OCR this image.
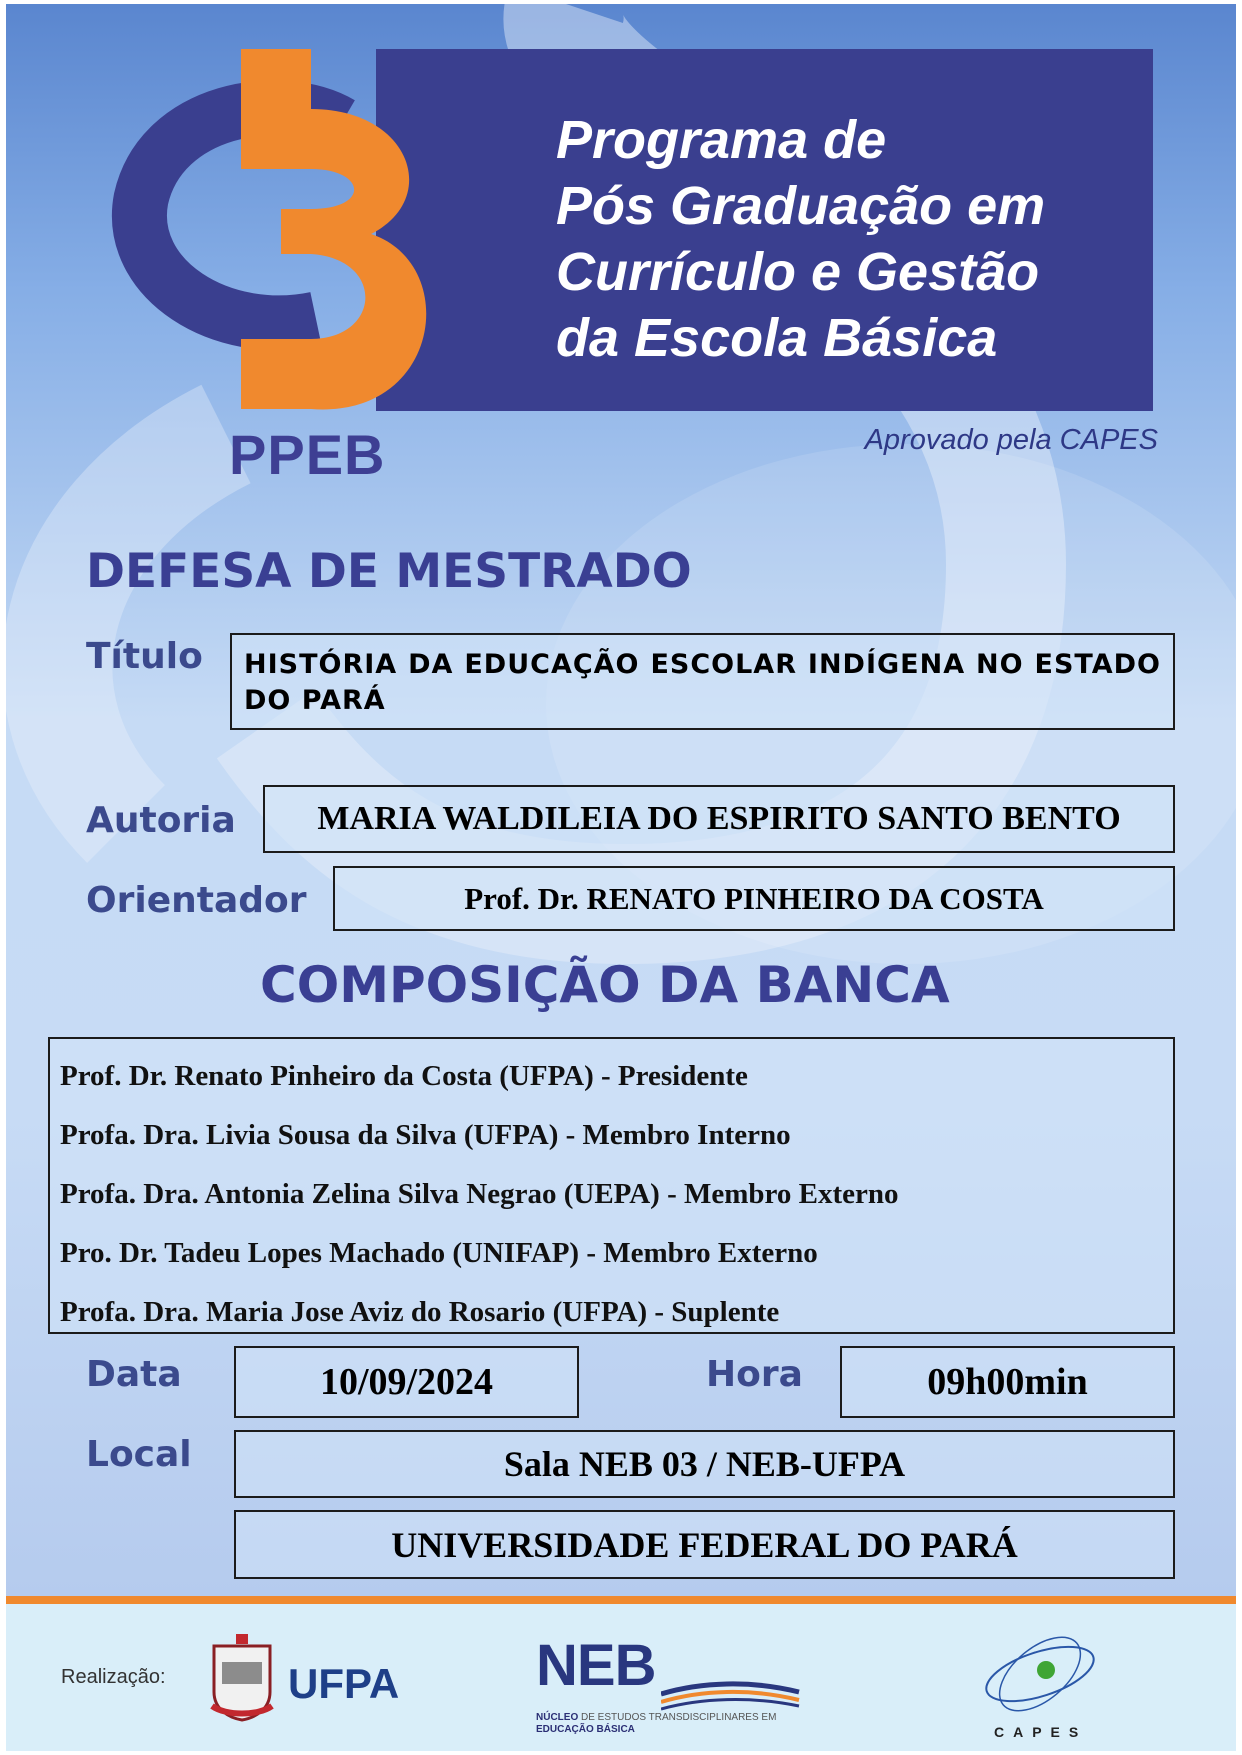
Programa de
Pós Graduação em
Currículo e Gestão
da Escola Básica
PPEB	Aprovado pela CAPES
DEFESA DE MESTRADO
Título	HISTÓRIA DA EDUCAÇÃO ESCOLAR INDÍGENA NO ESTADO DO PARÁ
Autoria	MARIA WALDILEIA DO ESPIRITO SANTO BENTO
Orientador	Prof. Dr. RENATO PINHEIRO DA COSTA
COMPOSIÇÃO DA BANCA
Prof. Dr. Renato Pinheiro da Costa (UFPA) - Presidente
Profa. Dra. Livia Sousa da Silva (UFPA) - Membro Interno
Profa. Dra. Antonia Zelina Silva Negrao (UEPA) - Membro Externo
Pro. Dr. Tadeu Lopes Machado (UNIFAP) - Membro Externo
Profa. Dra. Maria Jose Aviz do Rosario (UFPA) - Suplente
Data	10/09/2024	Hora	09h00min
Local	Sala NEB 03 / NEB-UFPA
UNIVERSIDADE FEDERAL DO PARÁ
Realização:	UFPA NEB
NÚCLEO DE ESTUDOS TRANSDISCIPLINARES EM
EDUCAÇÃO BÁSICA	CAPES
